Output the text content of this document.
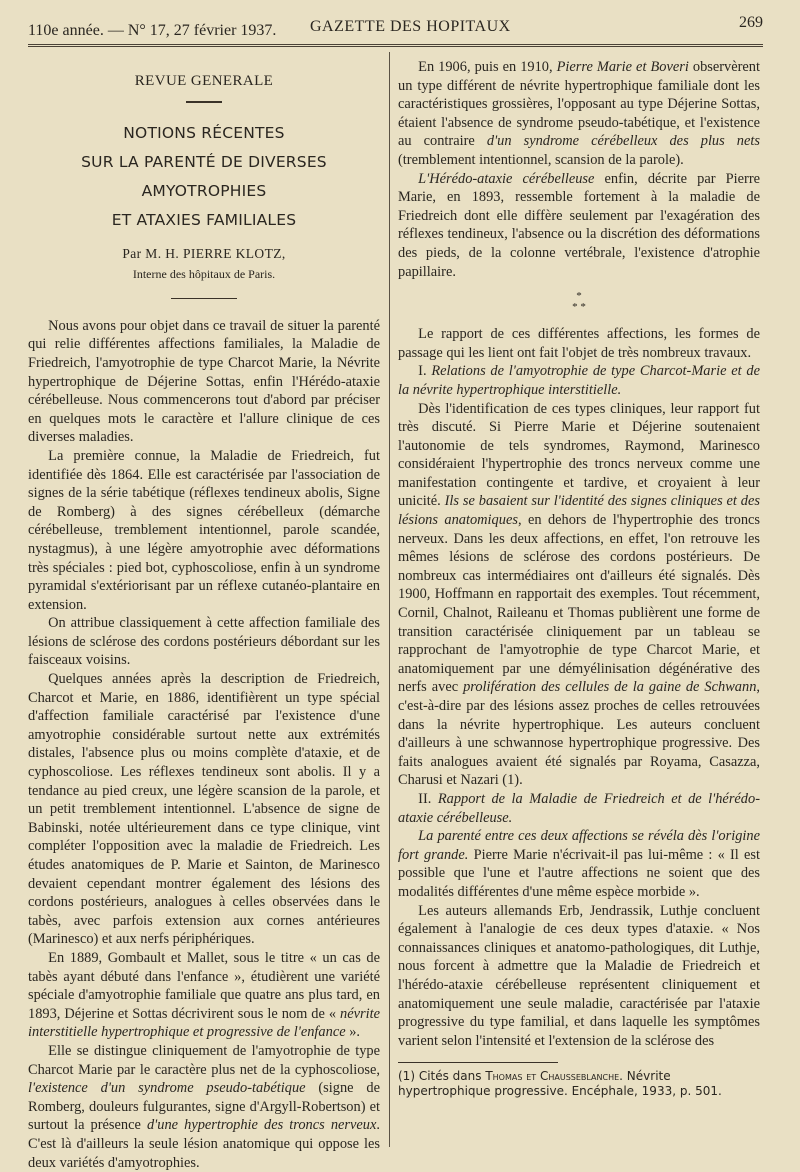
110e année. — N° 17, 27 février 1937. GAZETTE DES HOPITAUX	269
REVUE GENERALE
NOTIONS RÉCENTES
SUR LA PARENTÉ DE DIVERSES AMYOTROPHIES
ET ATAXIES FAMILIALES
Par M. H. PIERRE KLOTZ,
Interne des hôpitaux de Paris.

Nous avons pour objet dans ce travail de situer la parenté qui relie différentes affections familiales, la Maladie de Friedreich, l'amyotrophie de type Charcot Marie, la Névrite hypertrophique de Déjerine Sottas, enfin l'Hérédo-ataxie cérébelleuse. Nous commencerons tout d'abord par préciser en quelques mots le caractère et l'allure clinique de ces diverses maladies.

La première connue, la Maladie de Friedreich, fut identifiée dès 1864. Elle est caractérisée par l'association de signes de la série tabétique (réflexes tendineux abolis, Signe de Romberg) à des signes cérébelleux (démarche cérébelleuse, tremblement intentionnel, parole scandée, nystagmus), à une légère amyotrophie avec déformations très spéciales : pied bot, cyphoscoliose, enfin à un syndrome pyramidal s'extériorisant par un réflexe cutanéo-plantaire en extension.

On attribue classiquement à cette affection familiale des lésions de sclérose des cordons postérieurs débordant sur les faisceaux voisins.

Quelques années après la description de Friedreich, Charcot et Marie, en 1886, identifièrent un type spécial d'affection familiale caractérisé par l'existence d'une amyotrophie considérable surtout nette aux extrémités distales, l'absence plus ou moins complète d'ataxie, et de cyphoscoliose. Les réflexes tendineux sont abolis. Il y a tendance au pied creux, une légère scansion de la parole, et un petit tremblement intentionnel. L'absence de signe de Babinski, notée ultérieurement dans ce type clinique, vint compléter l'opposition avec la maladie de Friedreich. Les études anatomiques de P. Marie et Sainton, de Marinesco devaient cependant montrer également des lésions des cordons postérieurs, analogues à celles observées dans le tabès, avec parfois extension aux cornes antérieures (Marinesco) et aux nerfs périphériques.

En 1889, Gombault et Mallet, sous le titre « un cas de tabès ayant débuté dans l'enfance », étudièrent une variété spéciale d'amyotrophie familiale que quatre ans plus tard, en 1893, Déjerine et Sottas décrivirent sous le nom de « névrite interstitielle hypertrophique et progressive de l'enfance ».

Elle se distingue cliniquement de l'amyotrophie de type Charcot Marie par le caractère plus net de la cyphoscoliose, l'existence d'un syndrome pseudo-tabétique (signe de Romberg, douleurs fulgurantes, signe d'Argyll-Robertson) et surtout la présence d'une hypertrophie des troncs nerveux. C'est là d'ailleurs la seule lésion anatomique qui oppose les deux variétés d'amyotrophies.

En 1906, puis en 1910, Pierre Marie et Boveri observèrent un type différent de névrite hypertrophique familiale dont les caractéristiques grossières, l'opposant au type Déjerine Sottas, étaient l'absence de syndrome pseudo-tabétique, et l'existence au contraire d'un syndrome cérébelleux des plus nets (tremblement intentionnel, scansion de la parole).

L'Hérédo-ataxie cérébelleuse enfin, décrite par Pierre Marie, en 1893, ressemble fortement à la maladie de Friedreich dont elle diffère seulement par l'exagération des réflexes tendineux, l'absence ou la discrétion des déformations des pieds, de la colonne vertébrale, l'existence d'atrophie papillaire.

*
* *

Le rapport de ces différentes affections, les formes de passage qui les lient ont fait l'objet de très nombreux travaux.

I. Relations de l'amyotrophie de type Charcot-Marie et de la névrite hypertrophique interstitielle.

Dès l'identification de ces types cliniques, leur rapport fut très discuté. Si Pierre Marie et Déjerine soutenaient l'autonomie de tels syndromes, Raymond, Marinesco considéraient l'hypertrophie des troncs nerveux comme une manifestation contingente et tardive, et croyaient à leur unicité. Ils se basaient sur l'identité des signes cliniques et des lésions anatomiques, en dehors de l'hypertrophie des troncs nerveux. Dans les deux affections, en effet, l'on retrouve les mêmes lésions de sclérose des cordons postérieurs. De nombreux cas intermédiaires ont d'ailleurs été signalés. Dès 1900, Hoffmann en rapportait des exemples. Tout récemment, Cornil, Chalnot, Raileanu et Thomas publièrent une forme de transition caractérisée cliniquement par un tableau se rapprochant de l'amyotrophie de type Charcot Marie, et anatomiquement par une démyélinisation dégénérative des nerfs avec prolifération des cellules de la gaine de Schwann, c'est-à-dire par des lésions assez proches de celles retrouvées dans la névrite hypertrophique. Les auteurs concluent d'ailleurs à une schwannose hypertrophique progressive. Des faits analogues avaient été signalés par Royama, Casazza, Charusi et Nazari (1).

II. Rapport de la Maladie de Friedreich et de l'hérédo-ataxie cérébelleuse.

La parenté entre ces deux affections se révéla dès l'origine fort grande. Pierre Marie n'écrivait-il pas lui-même : « Il est possible que l'une et l'autre affections ne soient que des modalités différentes d'une même espèce morbide ».

Les auteurs allemands Erb, Jendrassik, Luthje concluent également à l'analogie de ces deux types d'ataxie. « Nos connaissances cliniques et anatomo-pathologiques, dit Luthje, nous forcent à admettre que la Maladie de Friedreich et l'hérédo-ataxie cérébelleuse représentent cliniquement et anatomiquement une seule maladie, caractérisée par l'ataxie progressive du type familial, et dans laquelle les symptômes varient selon l'intensité et l'extension de la sclérose des

(1) Cités dans Thomas et Chausseblanche. Névrite hypertrophique progressive. Encéphale, 1933, p. 501.
